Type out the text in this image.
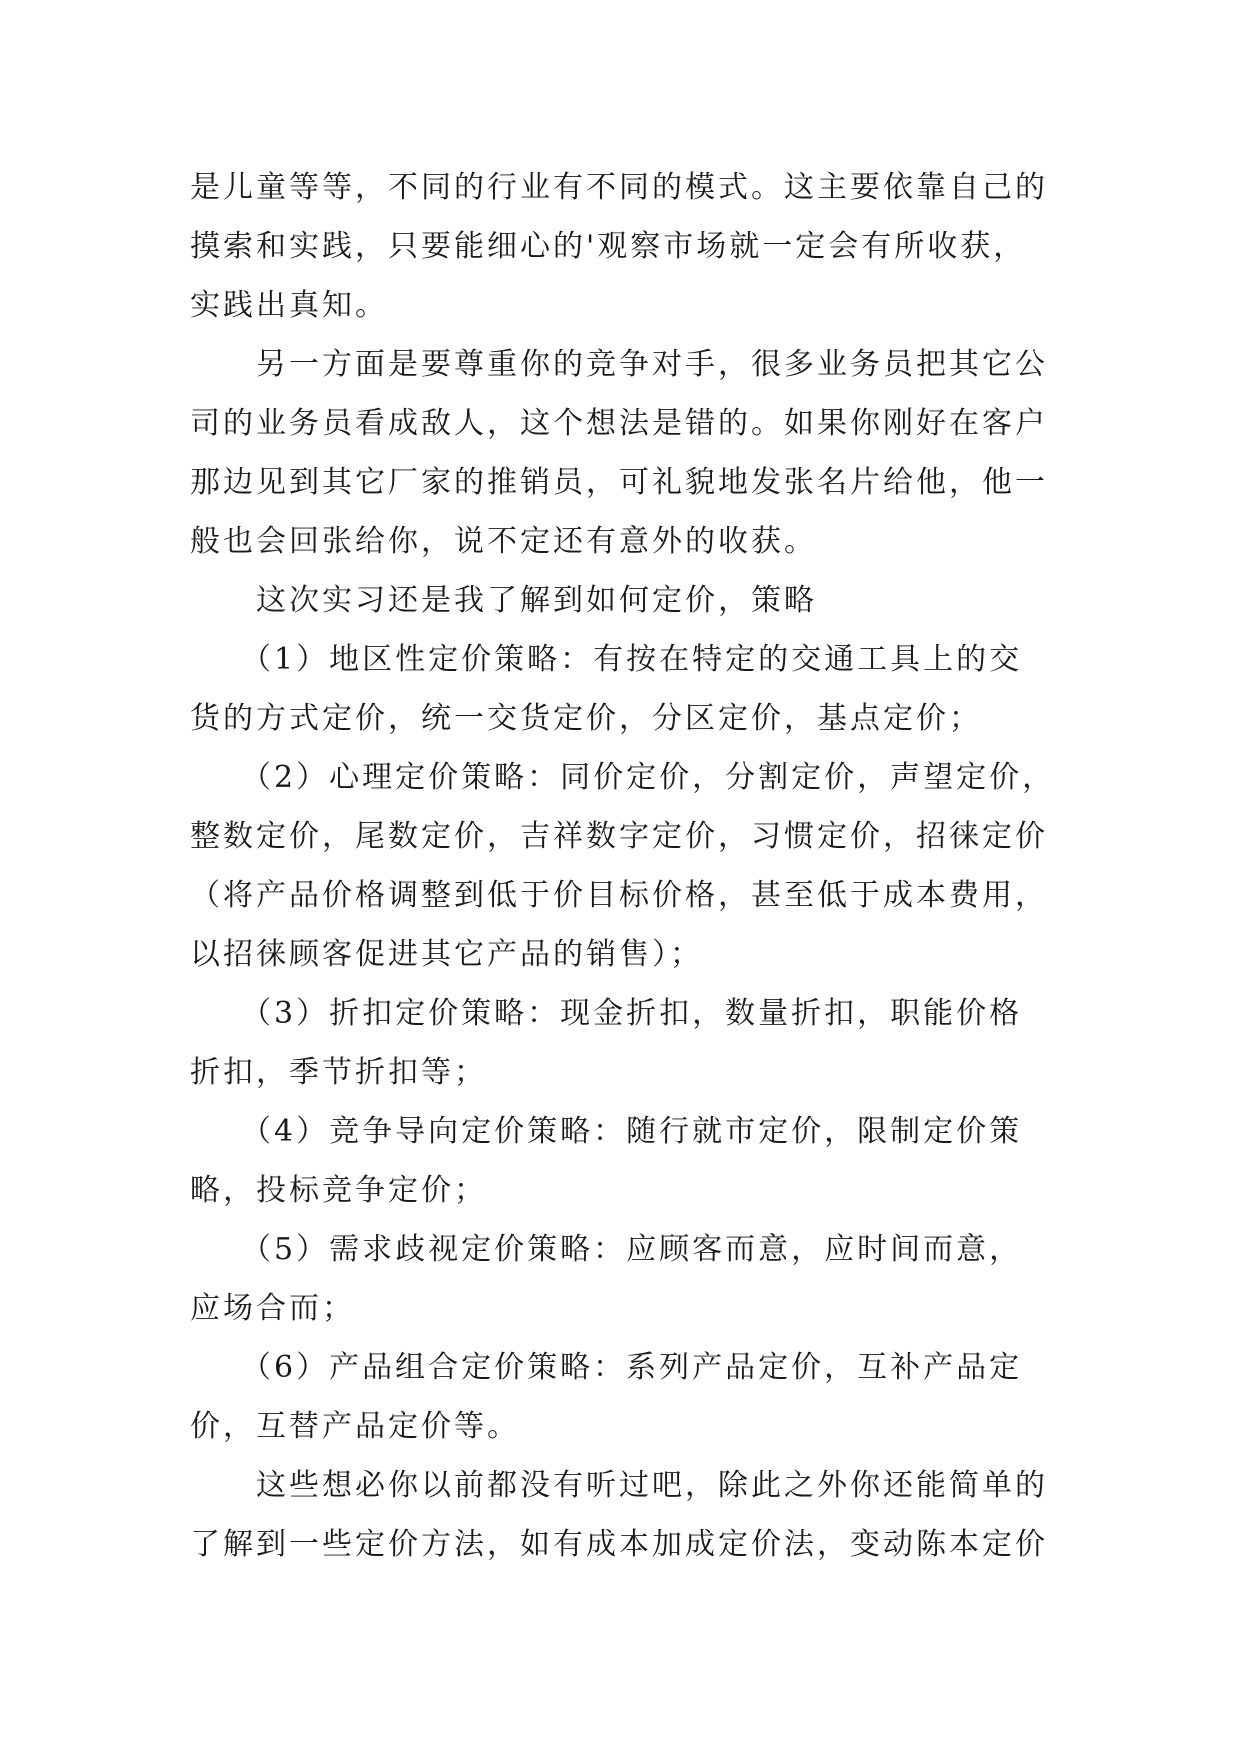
是儿童等等，不同的行业有不同的模式。这主要依靠自己的
摸索和实践，只要能细心的'观察市场就一定会有所收获，
实践出真知。
　　另一方面是要尊重你的竞争对手，很多业务员把其它公
司的业务员看成敌人，这个想法是错的。如果你刚好在客户
那边见到其它厂家的推销员，可礼貌地发张名片给他，他一
般也会回张给你，说不定还有意外的收获。
　　这次实习还是我了解到如何定价，策略
　　（1）地区性定价策略：有按在特定的交通工具上的交
货的方式定价，统一交货定价，分区定价，基点定价；
　　（2）心理定价策略：同价定价，分割定价，声望定价，
整数定价，尾数定价，吉祥数字定价，习惯定价，招徕定价
（将产品价格调整到低于价目标价格，甚至低于成本费用，
以招徕顾客促进其它产品的销售）；
　　（3）折扣定价策略：现金折扣，数量折扣，职能价格
折扣，季节折扣等；
　　（4）竞争导向定价策略：随行就市定价，限制定价策
略，投标竞争定价；
　　（5）需求歧视定价策略：应顾客而意，应时间而意，
应场合而；
　　（6）产品组合定价策略：系列产品定价，互补产品定
价，互替产品定价等。
　　这些想必你以前都没有听过吧，除此之外你还能简单的
了解到一些定价方法，如有成本加成定价法，变动陈本定价
